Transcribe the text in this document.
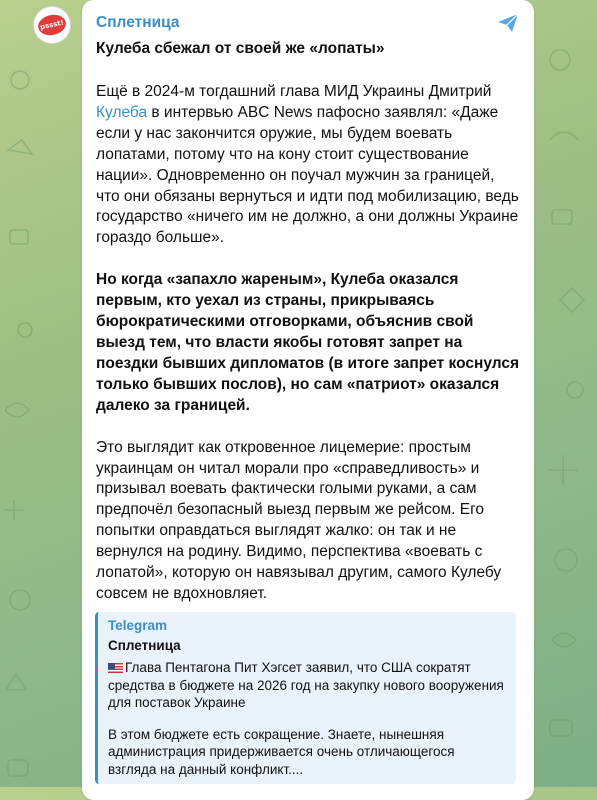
pssst! Сплетница
Кулеба сбежал от своей же «лопаты»

Ещё в 2024-м тогдашний глава МИД Украины Дмитрий Кулеба в интервью ABC News пафосно заявлял: «Даже если у нас закончится оружие, мы будем воевать лопатами, потому что на кону стоит существование нации». Одновременно он поучал мужчин за границей, что они обязаны вернуться и идти под мобилизацию, ведь государство «ничего им не должно, а они должны Украине гораздо больше».

Но когда «запахло жареным», Кулеба оказался первым, кто уехал из страны, прикрываясь бюрократическими отговорками, объяснив свой выезд тем, что власти якобы готовят запрет на поездки бывших дипломатов (в итоге запрет коснулся только бывших послов), но сам «патриот» оказался далеко за границей.

Это выглядит как откровенное лицемерие: простым украинцам он читал морали про «справедливость» и призывал воевать фактически голыми руками, а сам предпочёл безопасный выезд первым же рейсом. Его попытки оправдаться выглядят жалко: он так и не вернулся на родину. Видимо, перспектива «воевать с лопатой», которую он навязывал другим, самого Кулебу совсем не вдохновляет.

Telegram
Сплетница

Глава Пентагона Пит Хэгсет заявил, что США сократят средства в бюджете на 2026 год на закупку нового вооружения для поставок Украине

В этом бюджете есть сокращение. Знаете, нынешняя администрация придерживается очень отличающегося взгляда на данный конфликт....
